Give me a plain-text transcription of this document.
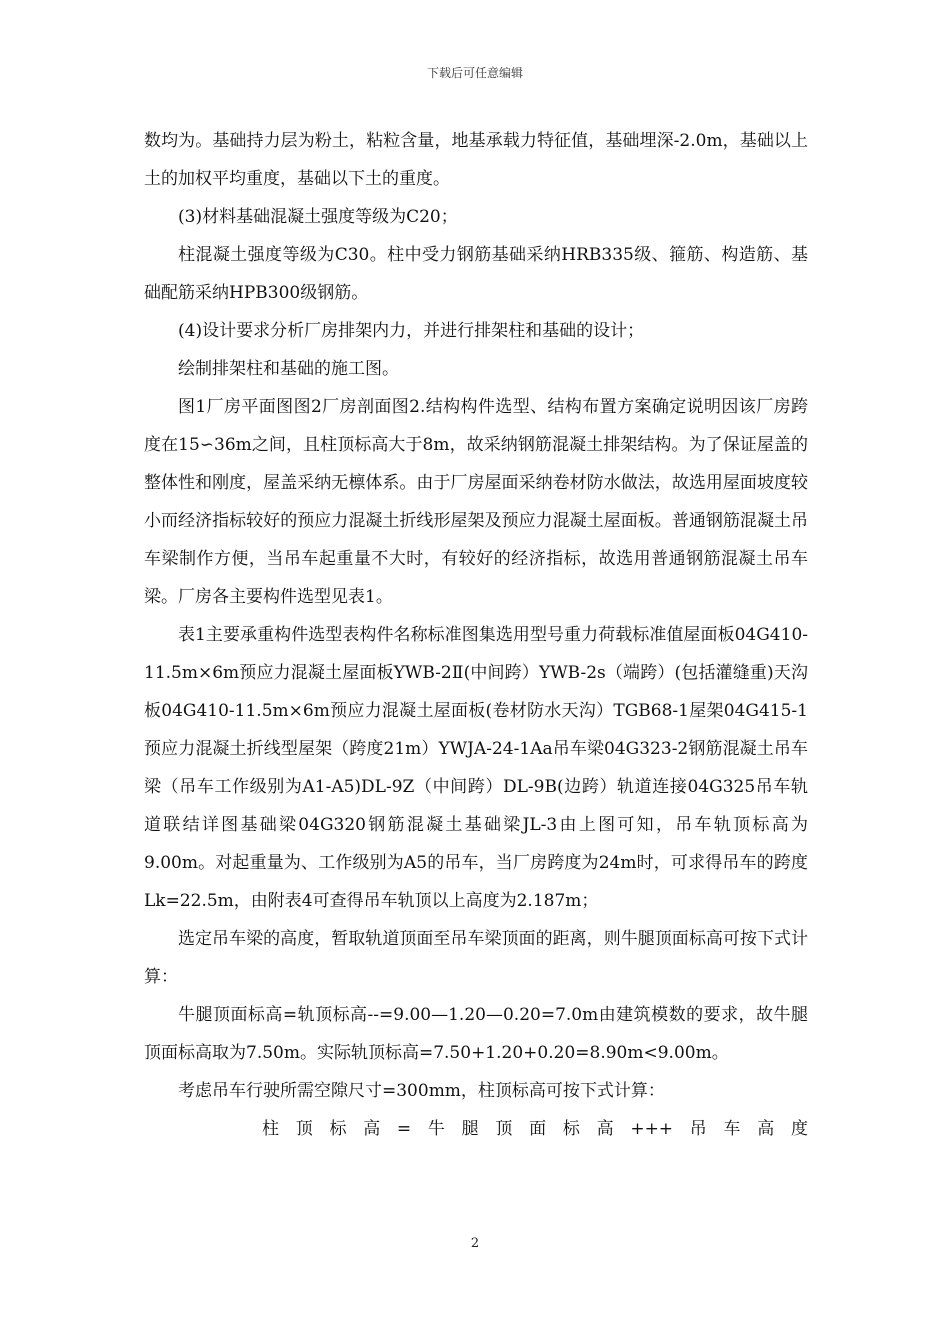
下载后可任意编辑

数均为。基础持力层为粉土，粘粒含量，地基承载力特征值，基础埋深-2.0m，基础以上土的加权平均重度，基础以下土的重度。

(3)材料基础混凝土强度等级为C20；

柱混凝土强度等级为C30。柱中受力钢筋基础采纳HRB335级、箍筋、构造筋、基础配筋采纳HPB300级钢筋。

(4)设计要求分析厂房排架内力，并进行排架柱和基础的设计；

绘制排架柱和基础的施工图。

图1厂房平面图图2厂房剖面图2.结构构件选型、结构布置方案确定说明因该厂房跨度在15∽36m之间，且柱顶标高大于8m，故采纳钢筋混凝土排架结构。为了保证屋盖的整体性和刚度，屋盖采纳无檩体系。由于厂房屋面采纳卷材防水做法，故选用屋面坡度较小而经济指标较好的预应力混凝土折线形屋架及预应力混凝土屋面板。普通钢筋混凝土吊车梁制作方便，当吊车起重量不大时，有较好的经济指标，故选用普通钢筋混凝土吊车梁。厂房各主要构件选型见表1。

表1主要承重构件选型表构件名称标准图集选用型号重力荷载标准值屋面板04G410-11.5m×6m预应力混凝土屋面板YWB-2Ⅱ(中间跨）YWB-2s（端跨）(包括灌缝重)天沟板04G410-11.5m×6m预应力混凝土屋面板(卷材防水天沟）TGB68-1屋架04G415-1预应力混凝土折线型屋架（跨度21m）YWJA-24-1Aa吊车梁04G323-2钢筋混凝土吊车梁（吊车工作级别为A1-A5)DL-9Z（中间跨）DL-9B(边跨）轨道连接04G325吊车轨道联结详图基础梁04G320钢筋混凝土基础梁JL-3由上图可知，吊车轨顶标高为9.00m。对起重量为、工作级别为A5的吊车，当厂房跨度为24m时，可求得吊车的跨度Lk=22.5m，由附表4可查得吊车轨顶以上高度为2.187m；

选定吊车梁的高度，暂取轨道顶面至吊车梁顶面的距离，则牛腿顶面标高可按下式计算：

牛腿顶面标高=轨顶标高--=9.00—1.20—0.20=7.0m由建筑模数的要求，故牛腿顶面标高取为7.50m。实际轨顶标高=7.50+1.20+0.20=8.90m<9.00m。

考虑吊车行驶所需空隙尺寸=300mm，柱顶标高可按下式计算：

柱顶标高=牛腿顶面标高+++吊车高度

2
